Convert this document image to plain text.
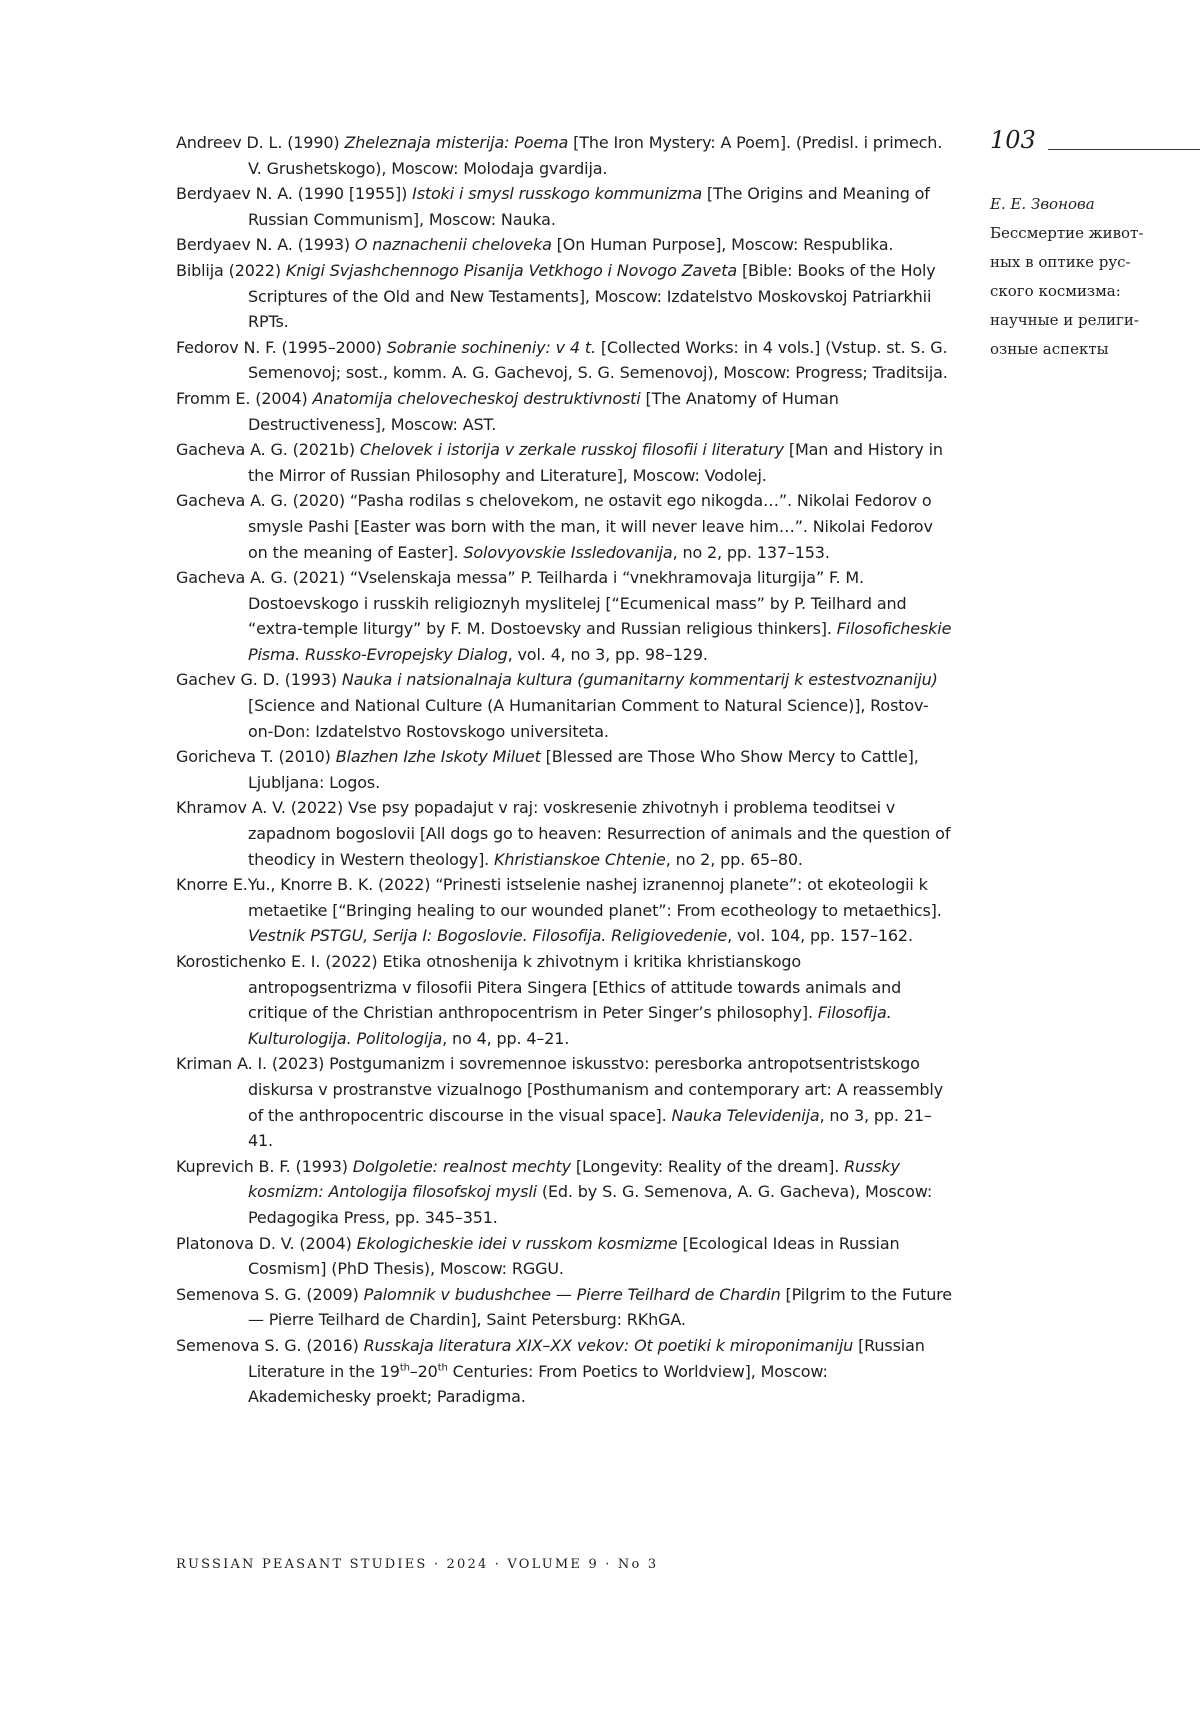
103
Е. Е. Звонова
Бессмертие живот-
ных в оптике рус-
ского космизма:
научные и религи-
озные аспекты

Andreev D. L. (1990) Zheleznaja misterija: Poema [The Iron Mystery: A Poem]. (Predisl. i primech. V. Grushetskogo), Moscow: Molodaja gvardija.

Berdyaev N. A. (1990 [1955]) Istoki i smysl russkogo kommunizma [The Origins and Meaning of Russian Communism], Moscow: Nauka.

Berdyaev N. A. (1993) O naznachenii cheloveka [On Human Purpose], Moscow: Respublika.

Biblija (2022) Knigi Svjashchennogo Pisanija Vetkhogo i Novogo Zaveta [Bible: Books of the Holy Scriptures of the Old and New Testaments], Moscow: Izdatelstvo Moskovskoj Patriarkhii RPTs.

Fedorov N. F. (1995–2000) Sobranie sochineniy: v 4 t. [Collected Works: in 4 vols.] (Vstup. st. S. G. Semenovoj; sost., komm. A. G. Gachevoj, S. G. Semenovoj), Moscow: Progress; Traditsija.

Fromm E. (2004) Anatomija chelovecheskoj destruktivnosti [The Anatomy of Human Destructiveness], Moscow: AST.

Gacheva A. G. (2021b) Chelovek i istorija v zerkale russkoj filosofii i literatury [Man and History in the Mirror of Russian Philosophy and Literature], Moscow: Vodolej.

Gacheva A. G. (2020) “Pasha rodilas s chelovekom, ne ostavit ego nikogda…”. Nikolai Fedorov o smysle Pashi [Easter was born with the man, it will never leave him…”. Nikolai Fedorov on the meaning of Easter]. Solovyovskie Issledovanija, no 2, pp. 137–153.

Gacheva A. G. (2021) “Vselenskaja messa” P. Teilharda i “vnekhramovaja liturgija” F. M. Dostoevskogo i russkih religioznyh myslitelej [“Ecumenical mass” by P. Teilhard and “extra-temple liturgy” by F. M. Dostoevsky and Russian religious thinkers]. Filosoficheskie Pisma. Russko-Evropejsky Dialog, vol. 4, no 3, pp. 98–129.

Gachev G. D. (1993) Nauka i natsionalnaja kultura (gumanitarny kommentarij k estestvoznaniju) [Science and National Culture (A Humanitarian Comment to Natural Science)], Rostov-on-Don: Izdatelstvo Rostovskogo universiteta.

Goricheva T. (2010) Blazhen Izhe Iskoty Miluet [Blessed are Those Who Show Mercy to Cattle], Ljubljana: Logos.

Khramov A. V. (2022) Vse psy popadajut v raj: voskresenie zhivotnyh i problema teoditsei v zapadnom bogoslovii [All dogs go to heaven: Resurrection of animals and the question of theodicy in Western theology]. Khristianskoe Chtenie, no 2, pp. 65–80.

Knorre E.Yu., Knorre B. K. (2022) “Prinesti istselenie nashej izranennoj planete”: ot ekoteologii k metaetike [“Bringing healing to our wounded planet”: From ecotheology to metaethics]. Vestnik PSTGU, Serija I: Bogoslovie. Filosofija. Religiovedenie, vol. 104, pp. 157–162.

Korostichenko E. I. (2022) Etika otnoshenija k zhivotnym i kritika khristianskogo antropogsentrizma v filosofii Pitera Singera [Ethics of attitude towards animals and critique of the Christian anthropocentrism in Peter Singer’s philosophy]. Filosofija. Kulturologija. Politologija, no 4, pp. 4–21.

Kriman A. I. (2023) Postgumanizm i sovremennoe iskusstvo: peresborka antropotsentristskogo diskursa v prostranstve vizualnogo [Posthumanism and contemporary art: A reassembly of the anthropocentric discourse in the visual space]. Nauka Televidenija, no 3, pp. 21–41.

Kuprevich B. F. (1993) Dolgoletie: realnost mechty [Longevity: Reality of the dream]. Russky kosmizm: Antologija filosofskoj mysli (Ed. by S. G. Semenova, A. G. Gacheva), Moscow: Pedagogika Press, pp. 345–351.

Platonova D. V. (2004) Ekologicheskie idei v russkom kosmizme [Ecological Ideas in Russian Cosmism] (PhD Thesis), Moscow: RGGU.

Semenova S. G. (2009) Palomnik v budushchee — Pierre Teilhard de Chardin [Pilgrim to the Future — Pierre Teilhard de Chardin], Saint Petersburg: RKhGA.

Semenova S. G. (2016) Russkaja literatura XIX–XX vekov: Ot poetiki k miroponimaniju [Russian Literature in the 19th–20th Centuries: From Poetics to Worldview], Moscow: Akademichesky proekt; Paradigma.

RUSSIAN PEASANT STUDIES · 2024 · VOLUME 9 · No 3
